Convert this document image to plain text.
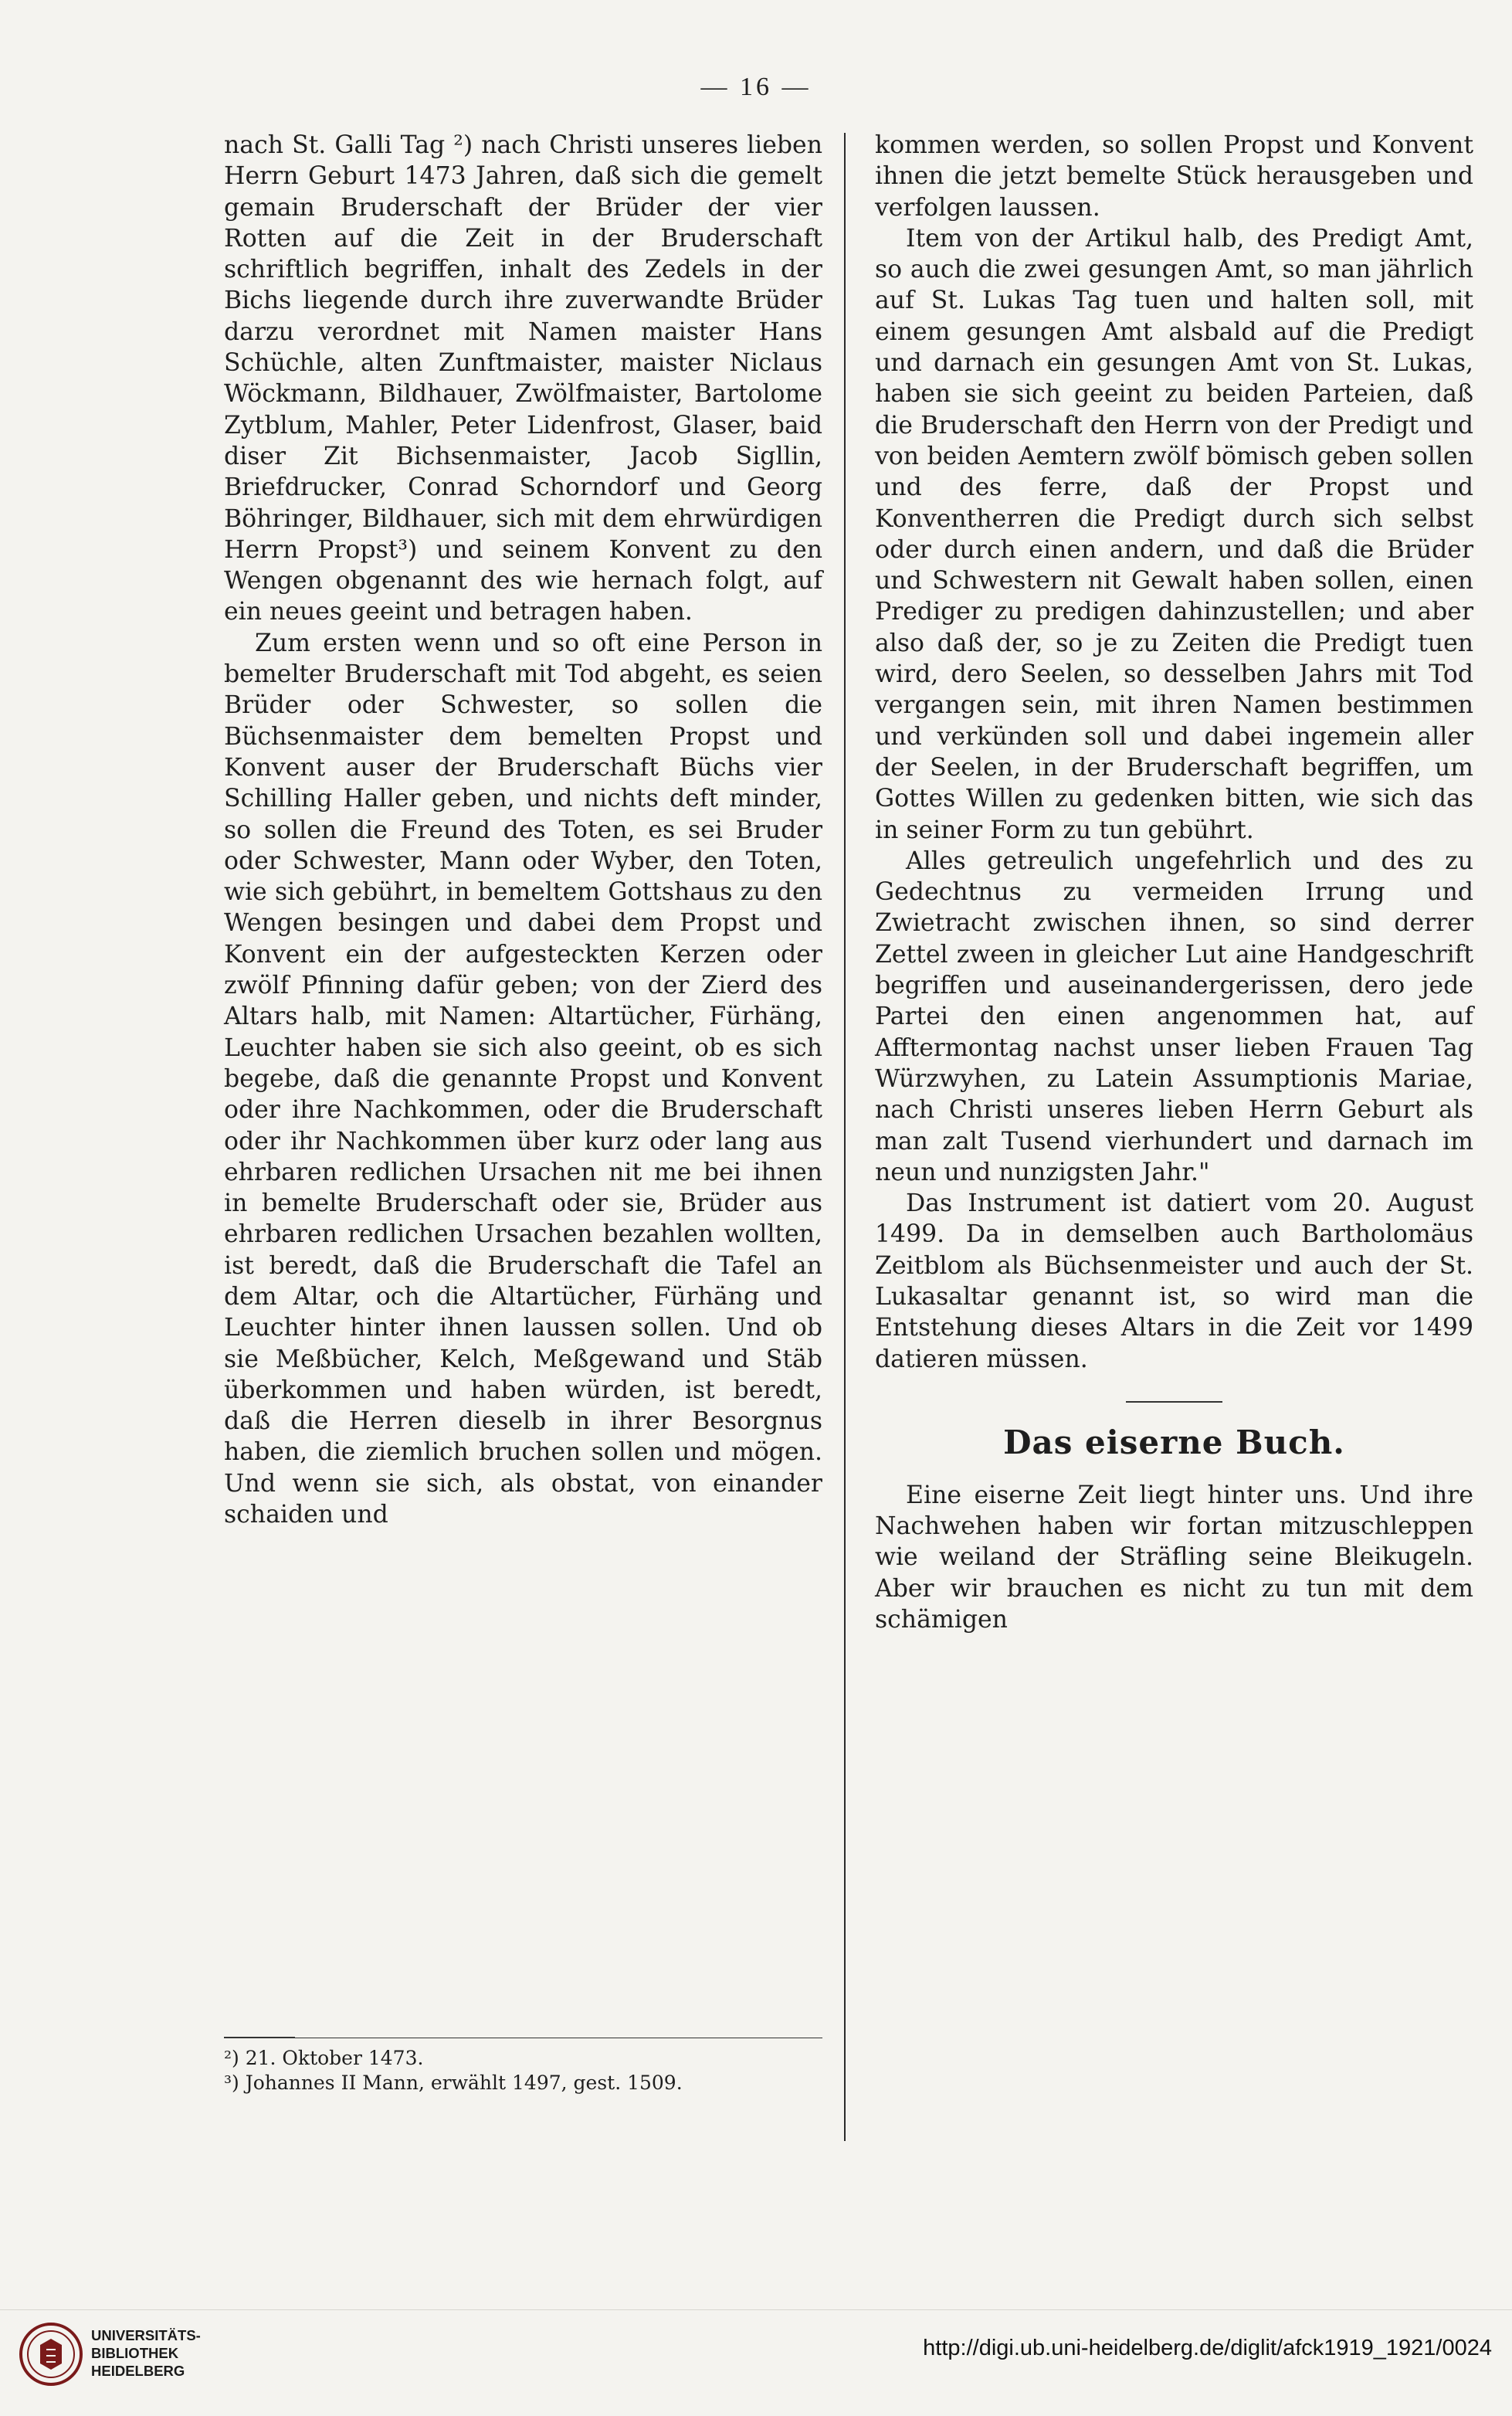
— 16 —

nach St. Galli Tag ²) nach Christi unseres lieben Herrn Geburt 1473 Jahren, daß sich die gemelt gemain Bruderschaft der Brüder der vier Rotten auf die Zeit in der Bruderschaft schriftlich begriffen, inhalt des Zedels in der Bichs liegende durch ihre zuverwandte Brüder darzu verordnet mit Namen maister Hans Schüchle, alten Zunftmaister, maister Niclaus Wöckmann, Bildhauer, Zwölfmaister, Bartolome Zytblum, Mahler, Peter Lidenfrost, Glaser, baid diser Zit Bichsenmaister, Jacob Sigllin, Briefdrucker, Conrad Schorndorf und Georg Böhringer, Bildhauer, sich mit dem ehrwürdigen Herrn Propst³) und seinem Konvent zu den Wengen obgenannt des wie hernach folgt, auf ein neues geeint und betragen haben.

Zum ersten wenn und so oft eine Person in bemelter Bruderschaft mit Tod abgeht, es seien Brüder oder Schwester, so sollen die Büchsenmaister dem bemelten Propst und Konvent auser der Bruderschaft Büchs vier Schilling Haller geben, und nichts deft minder, so sollen die Freund des Toten, es sei Bruder oder Schwester, Mann oder Wyber, den Toten, wie sich gebührt, in bemeltem Gottshaus zu den Wengen besingen und dabei dem Propst und Konvent ein der aufgesteckten Kerzen oder zwölf Pfinning dafür geben; von der Zierd des Altars halb, mit Namen: Altartücher, Fürhäng, Leuchter haben sie sich also geeint, ob es sich begebe, daß die genannte Propst und Konvent oder ihre Nachkommen, oder die Bruderschaft oder ihr Nachkommen über kurz oder lang aus ehrbaren redlichen Ursachen nit me bei ihnen in bemelte Bruderschaft oder sie, Brüder aus ehrbaren redlichen Ursachen bezahlen wollten, ist beredt, daß die Bruderschaft die Tafel an dem Altar, och die Altartücher, Fürhäng und Leuchter hinter ihnen laussen sollen. Und ob sie Meßbücher, Kelch, Meßgewand und Stäb überkommen und haben würden, ist beredt, daß die Herren dieselb in ihrer Besorgnus haben, die ziemlich bruchen sollen und mögen. Und wenn sie sich, als obstat, von einander schaiden und

²) 21. Oktober 1473.
³) Johannes II Mann, erwählt 1497, gest. 1509.

kommen werden, so sollen Propst und Konvent ihnen die jetzt bemelte Stück herausgeben und verfolgen laussen.

Item von der Artikul halb, des Predigt Amt, so auch die zwei gesungen Amt, so man jährlich auf St. Lukas Tag tuen und halten soll, mit einem gesungen Amt alsbald auf die Predigt und darnach ein gesungen Amt von St. Lukas, haben sie sich geeint zu beiden Parteien, daß die Bruderschaft den Herrn von der Predigt und von beiden Aemtern zwölf bömisch geben sollen und des ferre, daß der Propst und Konventherren die Predigt durch sich selbst oder durch einen andern, und daß die Brüder und Schwestern nit Gewalt haben sollen, einen Prediger zu predigen dahinzustellen; und aber also daß der, so je zu Zeiten die Predigt tuen wird, dero Seelen, so desselben Jahrs mit Tod vergangen sein, mit ihren Namen bestimmen und verkünden soll und dabei ingemein aller der Seelen, in der Bruderschaft begriffen, um Gottes Willen zu gedenken bitten, wie sich das in seiner Form zu tun gebührt.

Alles getreulich ungefehrlich und des zu Gedechtnus zu vermeiden Irrung und Zwietracht zwischen ihnen, so sind derrer Zettel zween in gleicher Lut aine Handgeschrift begriffen und auseinandergerissen, dero jede Partei den einen angenommen hat, auf Afftermontag nachst unser lieben Frauen Tag Würzwyhen, zu Latein Assumptionis Mariae, nach Christi unseres lieben Herrn Geburt als man zalt Tusend vierhundert und darnach im neun und nunzigsten Jahr."

Das Instrument ist datiert vom 20. August 1499. Da in demselben auch Bartholomäus Zeitblom als Büchsenmeister und auch der St. Lukasaltar genannt ist, so wird man die Entstehung dieses Altars in die Zeit vor 1499 datieren müssen.

Das eiserne Buch.

Eine eiserne Zeit liegt hinter uns. Und ihre Nachwehen haben wir fortan mitzuschleppen wie weiland der Sträfling seine Bleikugeln. Aber wir brauchen es nicht zu tun mit dem schämigen

UNIVERSITÄTS-
BIBLIOTHEK
HEIDELBERG
http://digi.ub.uni-heidelberg.de/diglit/afck1919_1921/0024
